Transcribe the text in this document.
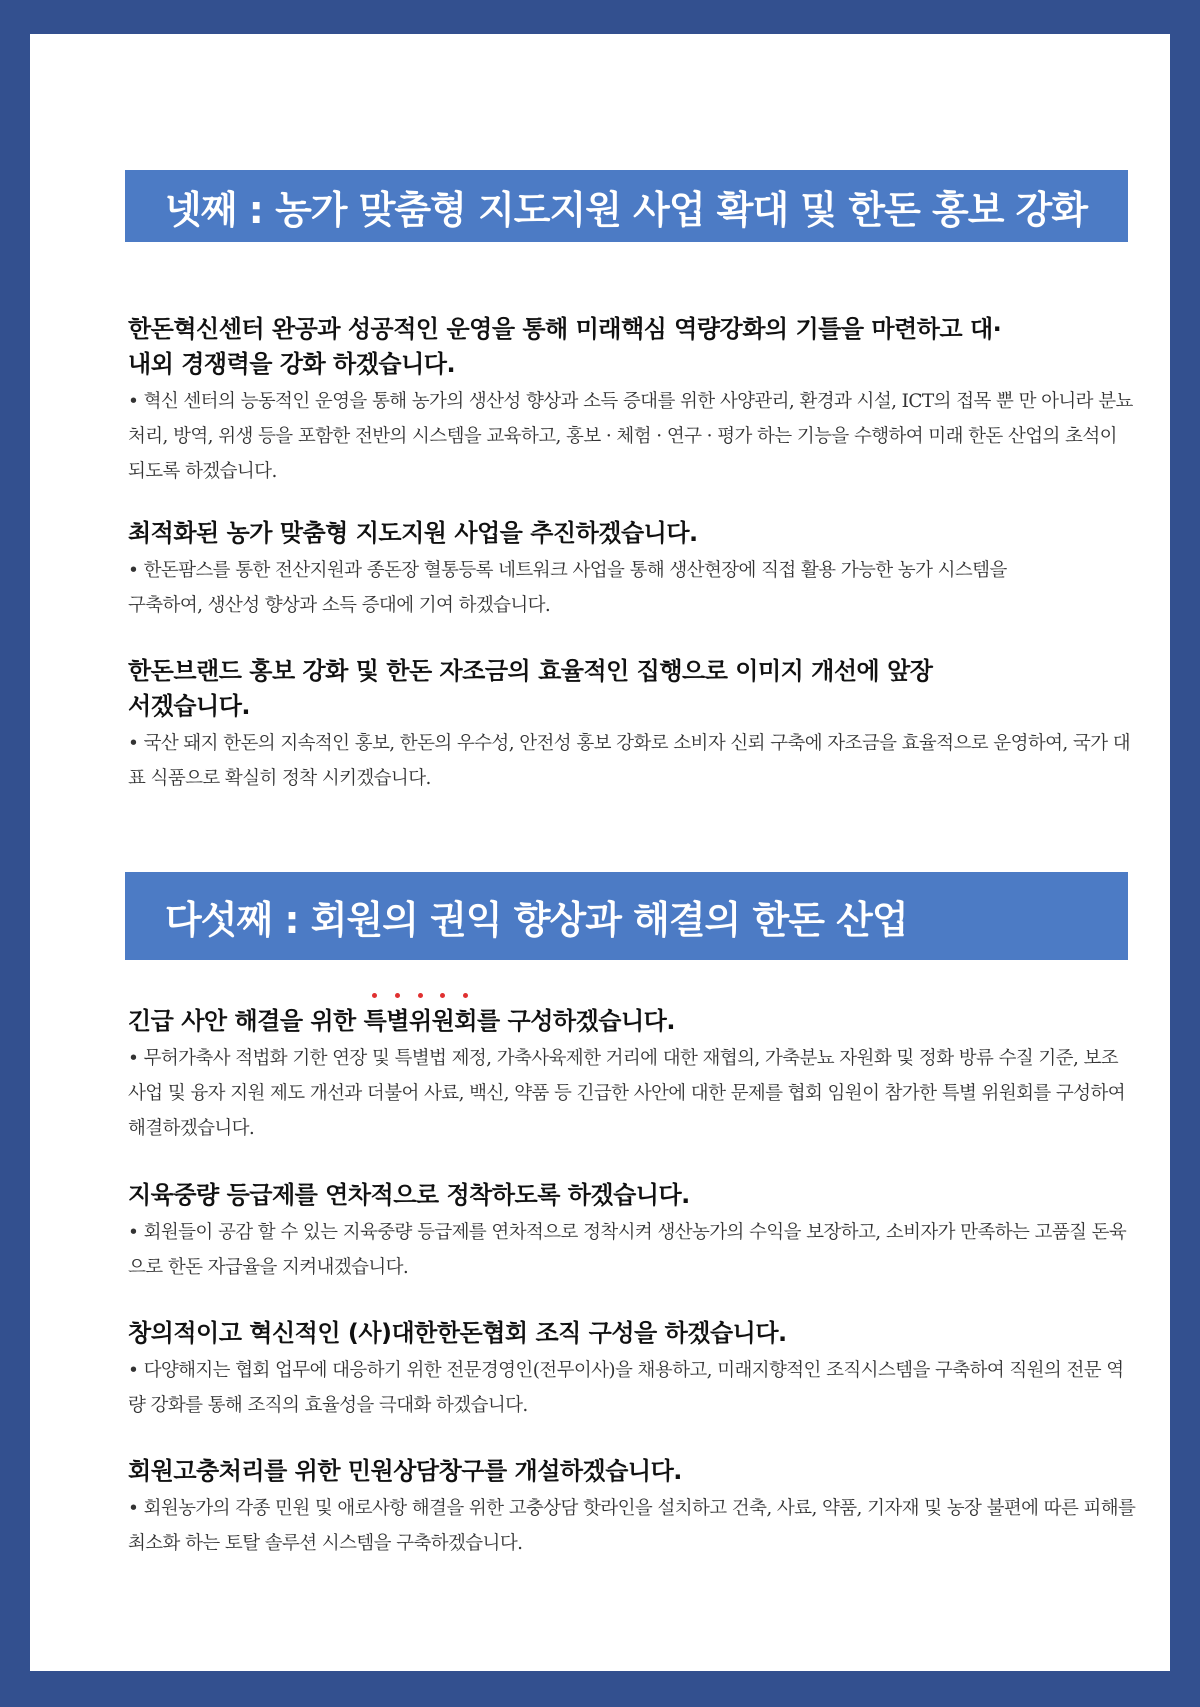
넷째 : 농가 맞춤형 지도지원 사업 확대 및 한돈 홍보 강화

한돈혁신센터 완공과 성공적인 운영을 통해 미래핵심 역량강화의 기틀을 마련하고 대·내외 경쟁력을 강화 하겠습니다.

• 혁신 센터의 능동적인 운영을 통해 농가의 생산성 향상과 소득 증대를 위한 사양관리, 환경과 시설, ICT의 접목 뿐 만 아니라 분뇨처리, 방역, 위생 등을 포함한 전반의 시스템을 교육하고, 홍보 · 체험 · 연구 · 평가 하는 기능을 수행하여 미래 한돈 산업의 초석이 되도록 하겠습니다.

최적화된 농가 맞춤형 지도지원 사업을 추진하겠습니다.

• 한돈팜스를 통한 전산지원과 종돈장 혈통등록 네트워크 사업을 통해 생산현장에 직접 활용 가능한 농가 시스템을 구축하여, 생산성 향상과 소득 증대에 기여 하겠습니다.

한돈브랜드 홍보 강화 및 한돈 자조금의 효율적인 집행으로 이미지 개선에 앞장 서겠습니다.

• 국산 돼지 한돈의 지속적인 홍보, 한돈의 우수성, 안전성 홍보 강화로 소비자 신뢰 구축에 자조금을 효율적으로 운영하여, 국가 대표 식품으로 확실히 정착 시키겠습니다.

다섯째 : 회원의 권익 향상과 해결의 한돈 산업

긴급 사안 해결을 위한
특별위원회를 구성하겠습니다.

• 무허가축사 적법화 기한 연장 및 특별법 제정, 가축사육제한 거리에 대한 재협의, 가축분뇨 자원화 및 정화 방류 수질 기준, 보조 사업 및 융자 지원 제도 개선과 더불어 사료, 백신, 약품 등 긴급한 사안에 대한 문제를 협회 임원이 참가한 특별 위원회를 구성하여 해결하겠습니다.

지육중량 등급제를 연차적으로 정착하도록 하겠습니다.

• 회원들이 공감 할 수 있는 지육중량 등급제를 연차적으로 정착시켜 생산농가의 수익을 보장하고, 소비자가 만족하는 고품질 돈육으로 한돈 자급율을 지켜내겠습니다.

창의적이고 혁신적인 (사)대한한돈협회 조직 구성을 하겠습니다.

• 다양해지는 협회 업무에 대응하기 위한 전문경영인(전무이사)을 채용하고, 미래지향적인 조직시스템을 구축하여 직원의 전문 역량 강화를 통해 조직의 효율성을 극대화 하겠습니다.

회원고충처리를 위한 민원상담창구를 개설하겠습니다.

• 회원농가의 각종 민원 및 애로사항 해결을 위한 고충상담 핫라인을 설치하고 건축, 사료, 약품, 기자재 및 농장 불편에 따른 피해를 최소화 하는 토탈 솔루션 시스템을 구축하겠습니다.
